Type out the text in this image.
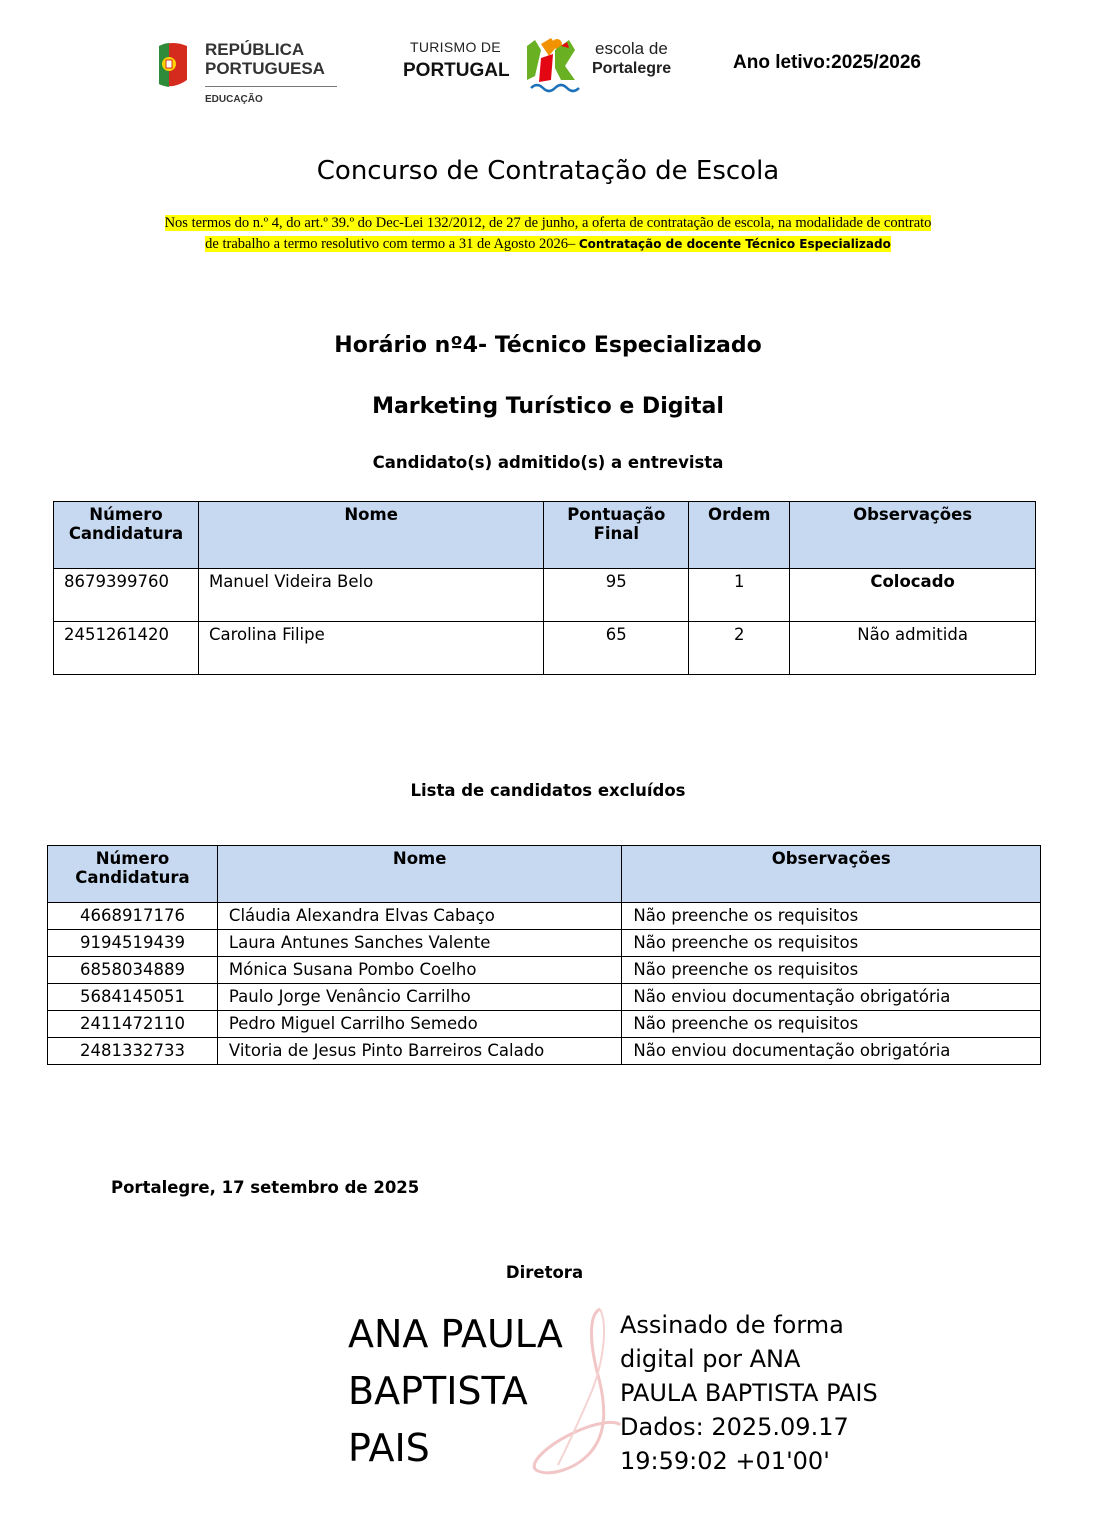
REPÚBLICA
PORTUGUESA
EDUCAÇÃO
TURISMO DE
PORTUGAL
escola de
Portalegre	Ano letivo:2025/2026
Concurso de Contratação de Escola
Nos termos do n.º 4, do art.º 39.º do Dec-Lei 132/2012, de 27 de junho, a oferta de contratação de escola, na modalidade de contrato
de trabalho a termo resolutivo com termo a 31 de Agosto 2026– Contratação de docente Técnico Especializado
Horário nº4- Técnico Especializado
Marketing Turístico e Digital
Candidato(s) admitido(s) a entrevista
Número Candidatura	Nome	Pontuação Final	Ordem	Observações
8679399760	Manuel Videira Belo	95	1	Colocado
2451261420	Carolina Filipe	65	2	Não admitida
Lista de candidatos excluídos
Número Candidatura	Nome	Observações
4668917176	Cláudia Alexandra Elvas Cabaço	Não preenche os requisitos
9194519439	Laura Antunes Sanches Valente	Não preenche os requisitos
6858034889	Mónica Susana Pombo Coelho	Não preenche os requisitos
5684145051	Paulo Jorge Venâncio Carrilho	Não enviou documentação obrigatória
2411472110	Pedro Miguel Carrilho Semedo	Não preenche os requisitos
2481332733	Vitoria de Jesus Pinto Barreiros Calado	Não enviou documentação obrigatória
Portalegre, 17 setembro de 2025
Diretora
ANA PAULA
BAPTISTA
PAIS
Assinado de forma
digital por ANA
PAULA BAPTISTA PAIS
Dados: 2025.09.17
19:59:02 +01'00'
